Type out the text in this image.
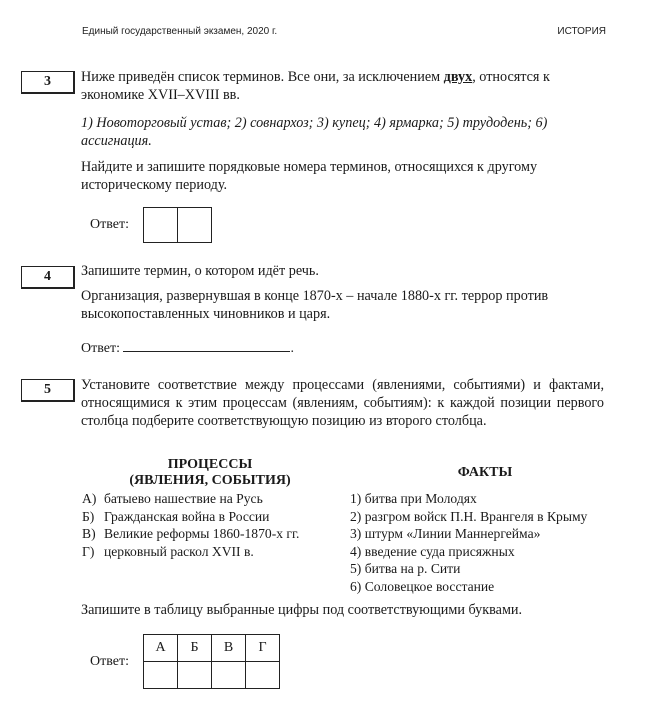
Единый государственный экзамен, 2020 г.	ИСТОРИЯ
3	Ниже приведён список терминов. Все они, за исключением двух, относятся к экономике XVII–XVIII вв.
1) Новоторговый устав; 2) совнархоз; 3) купец; 4) ярмарка; 5) трудодень; 6) ассигнация.
Найдите и запишите порядковые номера терминов, относящихся к другому историческому периоду.
Ответ:
4	Запишите термин, о котором идёт речь.
Организация, развернувшая в конце 1870-х – начале 1880-х гг. террор против высокопоставленных чиновников и царя.
Ответ:	.
5	Установите соответствие между процессами (явлениями, событиями) и фактами, относящимися к этим процессам (явлениям, событиям): к каждой позиции первого столбца подберите соответствующую позицию из второго столбца.
ПРОЦЕССЫ
(ЯВЛЕНИЯ, СОБЫТИЯ)
ФАКТЫ
А) батыево нашествие на Русь
Б) Гражданская война в России
В) Великие реформы 1860-1870-х гг.
Г) церковный раскол XVII в.
1) битва при Молодях
2) разгром войск П.Н. Врангеля в Крыму
3) штурм «Линии Маннергейма»
4) введение суда присяжных
5) битва на р. Сити
6) Соловецкое восстание
Запишите в таблицу выбранные цифры под соответствующими буквами.
Ответ:
А	Б	В	Г
